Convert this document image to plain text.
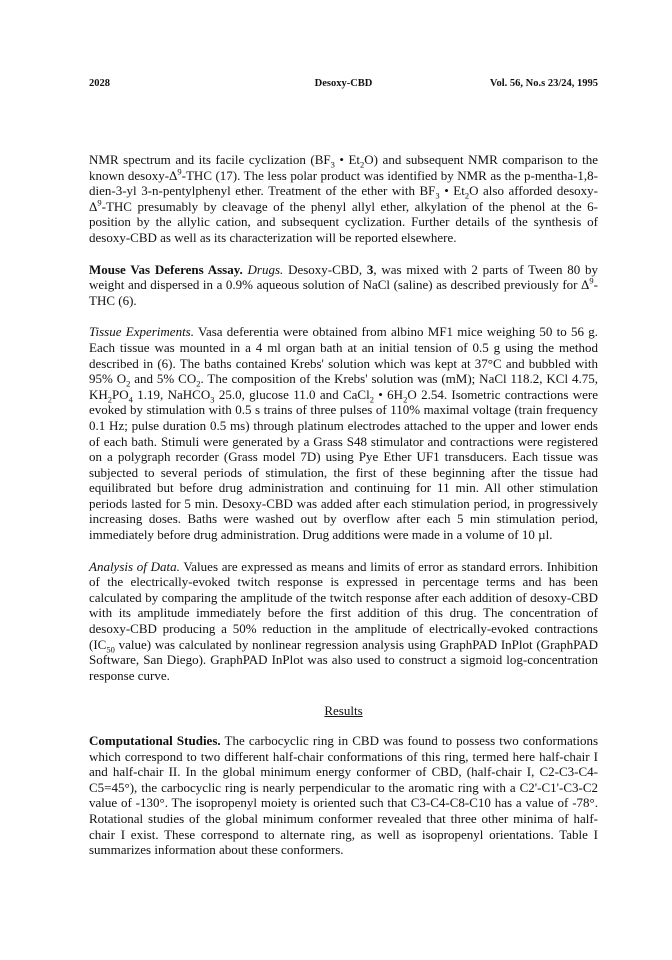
2028	Desoxy-CBD	Vol. 56, No.s 23/24, 1995

NMR spectrum and its facile cyclization ($BF_3$ • $Et_2O$) and subsequent NMR comparison to the known desoxy-$\Delta^9$-THC (17). The less polar product was identified by NMR as the p-mentha-1,8-dien-3-yl 3-n-pentylphenyl ether. Treatment of the ether with $BF_3$ • $Et_2O$ also afforded desoxy-$\Delta^9$-THC presumably by cleavage of the phenyl allyl ether, alkylation of the phenol at the 6-position by the allylic cation, and subsequent cyclization. Further details of the synthesis of desoxy-CBD as well as its characterization will be reported elsewhere.

Mouse Vas Deferens Assay. Drugs. Desoxy-CBD, 3, was mixed with 2 parts of Tween 80 by weight and dispersed in a 0.9% aqueous solution of NaCl (saline) as described previously for $\Delta^9$-THC (6).

Tissue Experiments. Vasa deferentia were obtained from albino MF1 mice weighing 50 to 56 g. Each tissue was mounted in a 4 ml organ bath at an initial tension of 0.5 g using the method described in (6). The baths contained Krebs' solution which was kept at 37°C and bubbled with 95% $O_2$ and 5% $CO_2$. The composition of the Krebs' solution was (mM); NaCl 118.2, KCl 4.75, $KH_2PO_4$ 1.19, NaHCO$_3$ 25.0, glucose 11.0 and CaCl$_2$ • $6H_2O$ 2.54. Isometric contractions were evoked by stimulation with 0.5 s trains of three pulses of 110% maximal voltage (train frequency 0.1 Hz; pulse duration 0.5 ms) through platinum electrodes attached to the upper and lower ends of each bath. Stimuli were generated by a Grass S48 stimulator and contractions were registered on a polygraph recorder (Grass model 7D) using Pye Ether UF1 transducers. Each tissue was subjected to several periods of stimulation, the first of these beginning after the tissue had equilibrated but before drug administration and continuing for 11 min. All other stimulation periods lasted for 5 min. Desoxy-CBD was added after each stimulation period, in progressively increasing doses. Baths were washed out by overflow after each 5 min stimulation period, immediately before drug administration. Drug additions were made in a volume of 10 µl.

Analysis of Data. Values are expressed as means and limits of error as standard errors. Inhibition of the electrically-evoked twitch response is expressed in percentage terms and has been calculated by comparing the amplitude of the twitch response after each addition of desoxy-CBD with its amplitude immediately before the first addition of this drug. The concentration of desoxy-CBD producing a 50% reduction in the amplitude of electrically-evoked contractions ($IC_{50}$ value) was calculated by nonlinear regression analysis using GraphPAD InPlot (GraphPAD Software, San Diego). GraphPAD InPlot was also used to construct a sigmoid log-concentration response curve.

Results

Computational Studies. The carbocyclic ring in CBD was found to possess two conformations which correspond to two different half-chair conformations of this ring, termed here half-chair I and half-chair II. In the global minimum energy conformer of CBD, (half-chair I, C2-C3-C4-C5=45°), the carbocyclic ring is nearly perpendicular to the aromatic ring with a C2'-C1'-C3-C2 value of -130°. The isopropenyl moiety is oriented such that C3-C4-C8-C10 has a value of -78°. Rotational studies of the global minimum conformer revealed that three other minima of half-chair I exist. These correspond to alternate ring, as well as isopropenyl orientations. Table I summarizes information about these conformers.
